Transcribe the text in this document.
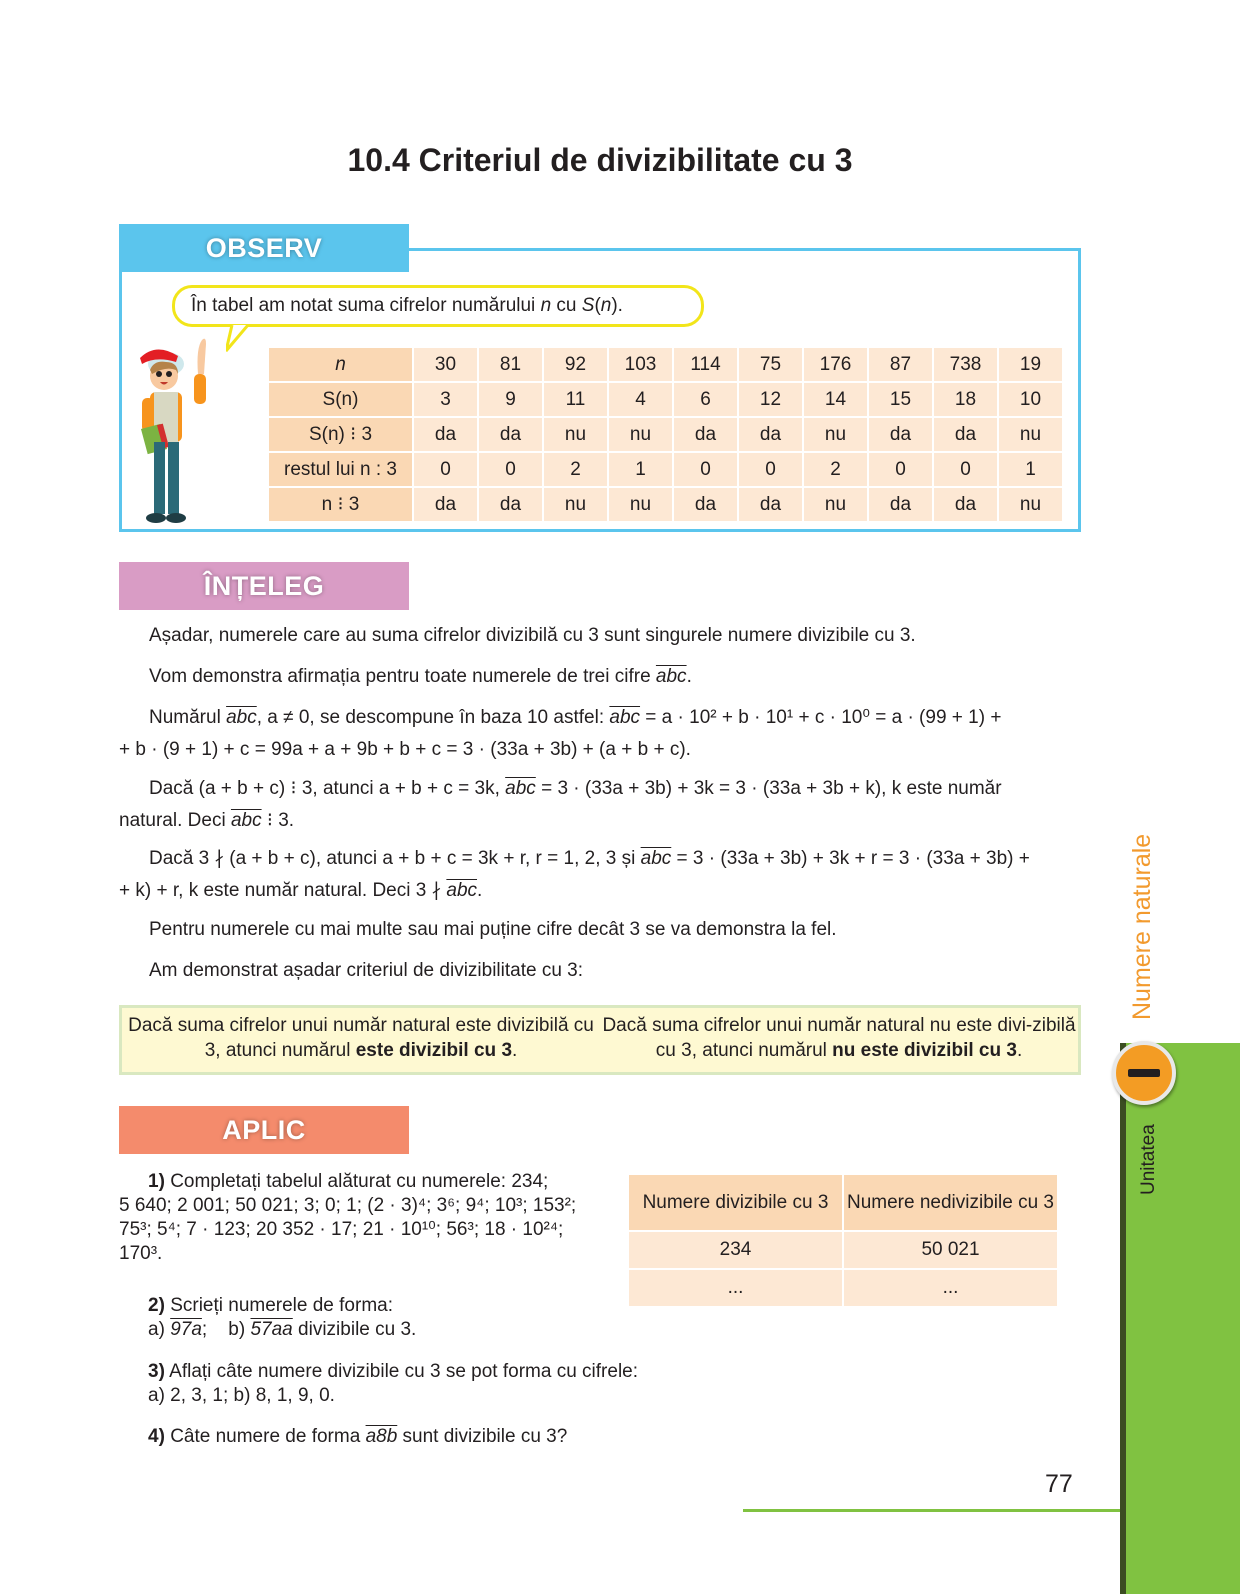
10.4 Criteriul de divizibilitate cu 3
OBSERV
În tabel am notat suma cifrelor numărului n cu S(n).
n	30	81	92	103	114	75	176	87	738	19
S(n)	3	9	11	4	6	12	14	15	18	10
S(n) ⁝ 3	da	da	nu	nu	da	da	nu	da	da	nu
restul lui n : 3	0	0	2	1	0	0	2	0	0	1
n ⁝ 3	da	da	nu	nu	da	da	nu	da	da	nu
ÎNȚELEG

Așadar, numerele care au suma cifrelor divizibilă cu 3 sunt singurele numere divizibile cu 3.

Vom demonstra afirmația pentru toate numerele de trei cifre $\overline{abc}$.

Numărul $\overline{abc}$, a ≠ 0, se descompune în baza 10 astfel: $\overline{abc} = a \cdot 10^2 + b \cdot 10^1 + c \cdot 10^0 = a \cdot (99 + 1)$ +
+ b · (9 + 1) + c = 99a + a + 9b + b + c = 3 · (33a + 3b) + (a + b + c).

Dacă (a + b + c) ⁝ 3, atunci a + b + c = 3k, $\overline{abc} = 3 \cdot (33a + 3b) + 3k = 3 \cdot (33a + 3b + k)$, k este număr
natural. Deci $\overline{abc}$ ⁝ 3.

Dacă 3 ∤ (a + b + c), atunci a + b + c = 3k + r, r = 1, 2, 3 și $\overline{abc} = 3 \cdot (33a + 3b) + 3k + r = 3 \cdot (33a + 3b)$ +
+ k) + r, k este număr natural. Deci 3 ∤ $\overline{abc}$.

Pentru numerele cu mai multe sau mai puține cifre decât 3 se va demonstra la fel.

Am demonstrat așadar criteriul de divizibilitate cu 3:

Dacă suma cifrelor unui număr natural este divizibilă cu 3, atunci numărul este divizibil cu 3.
Dacă suma cifrelor unui număr natural nu este divi-zibilă cu 3, atunci numărul nu este divizibil cu 3.
APLIC
1) Completați tabelul alăturat cu numerele: 234;
5 640; 2 001; 50 021; 3; 0; 1; (2 · 3)⁴; 3⁶; 9⁴; 10³; 153²;
75³; 5⁴; 7 · 123; 20 352 · 17; 21 · 10¹⁰; 56³; 18 · 10²⁴;
170³.
Numere divizibile cu 3	Numere nedivizibile cu 3
234	50 021
...	...
2) Scrieți numerele de forma:
a) 97a;    b) 57aa divizibile cu 3.
3) Aflați câte numere divizibile cu 3 se pot forma cu cifrele:
a) 2, 3, 1; b) 8, 1, 9, 0.
4) Câte numere de forma a8b sunt divizibile cu 3?
Numere naturale
Unitatea
77
